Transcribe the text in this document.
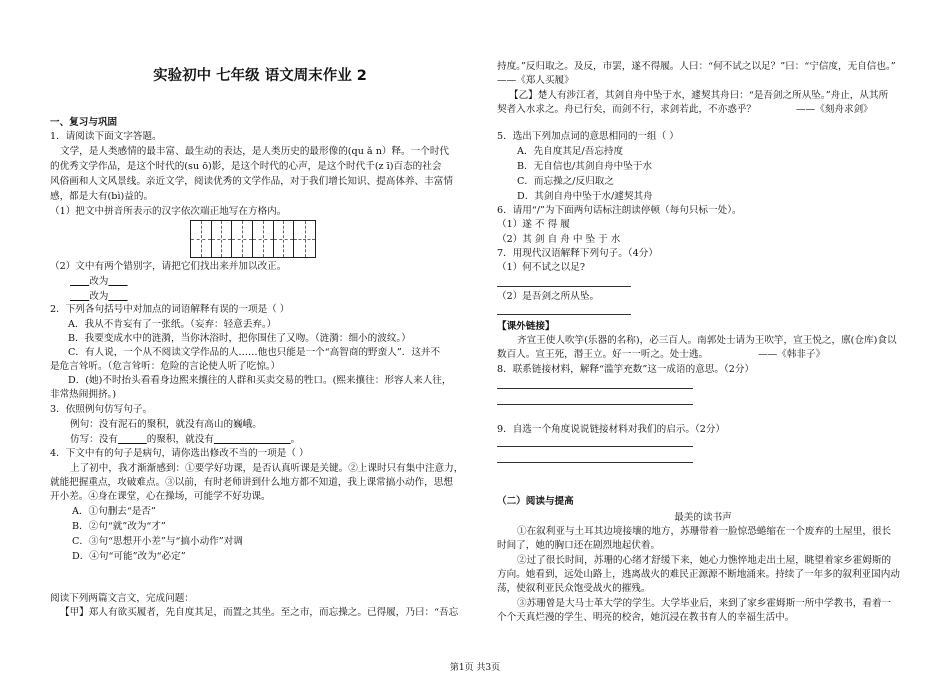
实验初中 七年级 语文周末作业 2
一、复习与巩固
1．请阅读下面文字答题。
文学，是人类感情的最丰富、最生动的表达，是人类历史的最形像的(qu ǎ n）释。一个时代
的优秀文学作品，是这个时代的(su ō)影，是这个时代的心声，是这个时代千(z ī)百态的社会
风俗画和人文风景线。亲近文学，阅读优秀的文学作品，对于我们增长知识、提高体养、丰富情
感，都是大有(bì)益的。
（1）把文中拼音所表示的汉字依次端正地写在方格内。
（2）文中有两个错别字，请把它们找出来并加以改正。
　　改为　　
　　改为　　
2．下列各句括号中对加点的词语解释有误的一项是（ ）
A．我从不肯妄有了一张纸。（妄弃：轻意丢弃。）
B．我要变成水中的涟漪，当你沐浴时，把你围住了又吻。（涟漪：细小的波纹。）
C．有人说，一个从不阅读文学作品的人……他也只能是一个“高智商的野蛮人”．这并不
是危言耸听。（危言耸听：危险的言论使人听了吃惊。）
D．(她)不时抬头看看身边熙来攘往的人群和买卖交易的牲口。(熙来攘往：形容人来人往，
非常热闹拥挤。)
3．依照例句仿写句子。
例句：没有泥石的聚积，就没有高山的巍峨。
仿写：没有　　　	的聚积，就没有　　　　　　　　	。
4．下文中有的句子是病句，请你选出修改不当的一项是（ ）
上了初中，我才渐渐感到：①要学好功课，是否认真听课是关键。②上课时只有集中注意力，
就能把握重点，攻破难点。③以前，有时老师讲到什么地方都不知道，我上课常搞小动作，思想
开小差。④身在课堂，心在操场，可能学不好功课。
A．①句删去“是否”
B．②句“就”改为“才”
C．③句“思想开小差”与“搞小动作”对调
D．④句“可能”改为“必定”
阅读下列两篇文言文，完成问题：
【甲】郑人有欲买履者，先自度其足，而置之其坐。至之市，而忘操之。已得履，乃曰：“吾忘
持度。”反归取之。及反，市罢，遂不得履。人曰：“何不试之以足？”曰：“宁信度，无自信也。”
——《郑人买履》
【乙】楚人有涉江者，其剑自舟中坠于水，遽契其舟曰：“是吾剑之所从坠。”舟止，从其所
契者入水求之。舟已行矣，而剑不行，求剑若此，不亦惑乎？	——《刻舟求剑》
5．选出下列加点词的意思相同的一组（ ）
A．先自度其足/吾忘持度
B．无自信也/其剑自舟中坠于水
C．而忘操之/反归取之
D．其剑自舟中坠于水/遽契其舟
6．请用“/”为下面两句话标注朗读停顿（每句只标一处）。
（1）遂 不 得 履
（2）其 剑 自 舟 中 坠 于 水
7．用现代汉语解释下列句子。（4分）
（1）何不试之以足?
（2）是吾剑之所从坠。
【课外链接】
齐宣王使人吹竽(乐器的名称)，必三百人。南郭处士请为王吹竽，宣王悦之，廪(仓库)食以
数百人。宣王死，湣王立。好一一听之。处士逃。	——《韩非子》
8．联系链接材料，解释“滥竽充数”这一成语的意思。（2分）
9．自选一个角度说说链接材料对我们的启示。（2分）
（二）阅读与提高
最美的读书声
①在叙利亚与土耳其边境接壤的地方，苏珊带着一脸惊恐蜷缩在一个废弃的土屋里，很长
时间了，她的胸口还在剧烈地起伏着。
②过了很长时间，苏珊的心绪才舒缓下来，她心力憔悴地走出土屋，眺望着家乡霍姆斯的
方向。她看到，远处山路上，逃离战火的难民正源源不断地涌来。持续了一年多的叙利亚国内动
荡，使叙利亚民众饱受战火的摧残。
③苏珊曾是大马士革大学的学生。大学毕业后，来到了家乡霍姆斯一所中学教书，看着一
个个天真烂漫的学生、明亮的校舍，她沉浸在教书育人的幸福生活中。
第1页 共3页
